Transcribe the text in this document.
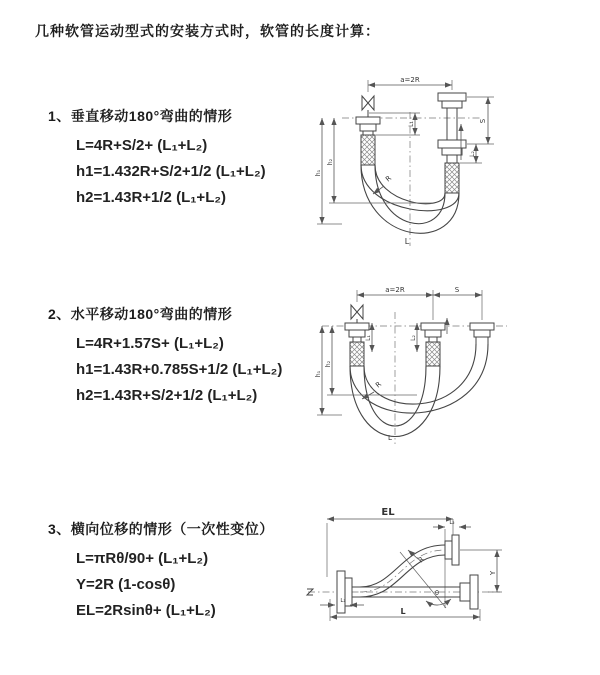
几种软管运动型式的安装方式时，软管的长度计算：
1、垂直移动180°弯曲的情形
L=4R+S/2+ (L₁+L₂)
h1=1.432R+S/2+1/2 (L₁+L₂)
h2=1.43R+1/2 (L₁+L₂)
a=2R
h₁
h₂
L₁
S
L₂
R
L
2、水平移动180°弯曲的情形
L=4R+1.57S+ (L₁+L₂)
h1=1.43R+0.785S+1/2 (L₁+L₂)
h2=1.43R+S/2+1/2 (L₁+L₂)
a=2R	S
h₁
h₂
L₁	L₂
R
L
3、横向位移的情形（一次性变位）
L=πRθ/90+ (L₁+L₂)
Y=2R (1-cosθ)
EL=2Rsinθ+ (L₁+L₂)
EL
L₂
Y
L₁
L
R
θ
